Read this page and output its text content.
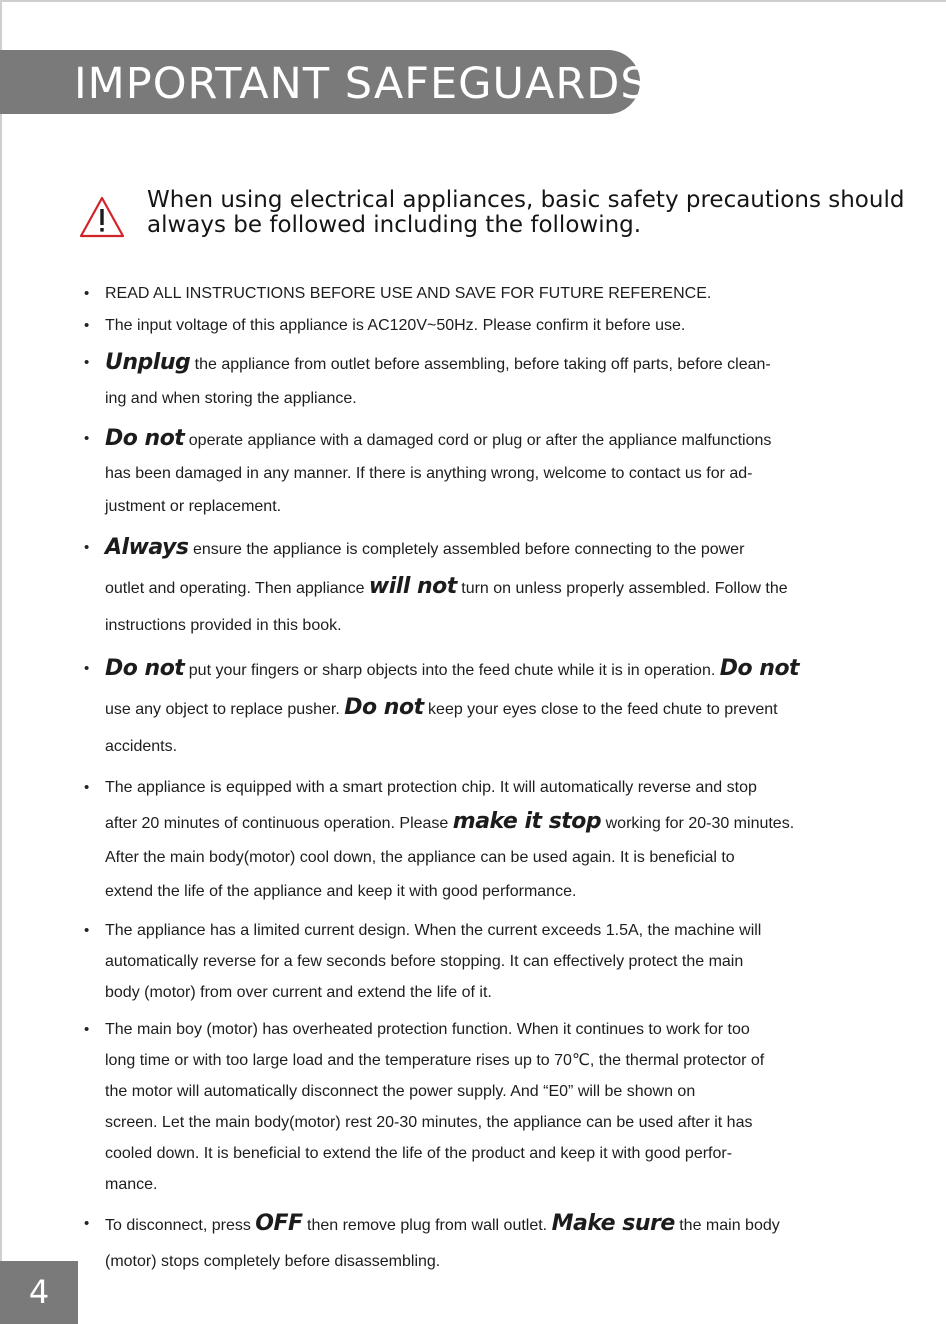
IMPORTANT SAFEGUARDS
When using electrical appliances, basic safety precautions should
always be followed including the following.
• READ ALL INSTRUCTIONS BEFORE USE AND SAVE FOR FUTURE REFERENCE.
• The input voltage of this appliance is AC120V~50Hz. Please confirm it before use.
• Unplug the appliance from outlet before assembling, before taking off parts, before clean-
ing and when storing the appliance.
• Do not operate appliance with a damaged cord or plug or after the appliance malfunctions
has been damaged in any manner. If there is anything wrong, welcome to contact us for ad-
justment or replacement.
• Always ensure the appliance is completely assembled before connecting to the power
outlet and operating. Then appliance will not turn on unless properly assembled. Follow the
instructions provided in this book.
• Do not put your fingers or sharp objects into the feed chute while it is in operation. Do not
use any object to replace pusher. Do not keep your eyes close to the feed chute to prevent
accidents.
• The appliance is equipped with a smart protection chip. It will automatically reverse and stop
after 20 minutes of continuous operation. Please make it stop working for 20-30 minutes.
After the main body(motor) cool down, the appliance can be used again. It is beneficial to
extend the life of the appliance and keep it with good performance.
• The appliance has a limited current design. When the current exceeds 1.5A, the machine will
automatically reverse for a few seconds before stopping. It can effectively protect the main
body (motor) from over current and extend the life of it.
• The main boy (motor) has overheated protection function. When it continues to work for too
long time or with too large load and the temperature rises up to 70℃, the thermal protector of
the motor will automatically disconnect the power supply. And “E0” will be shown on
screen. Let the main body(motor) rest 20-30 minutes, the appliance can be used after it has
cooled down. It is beneficial to extend the life of the product and keep it with good perfor-
mance.
• To disconnect, press OFF then remove plug from wall outlet. Make sure the main body
(motor) stops completely before disassembling.
4
